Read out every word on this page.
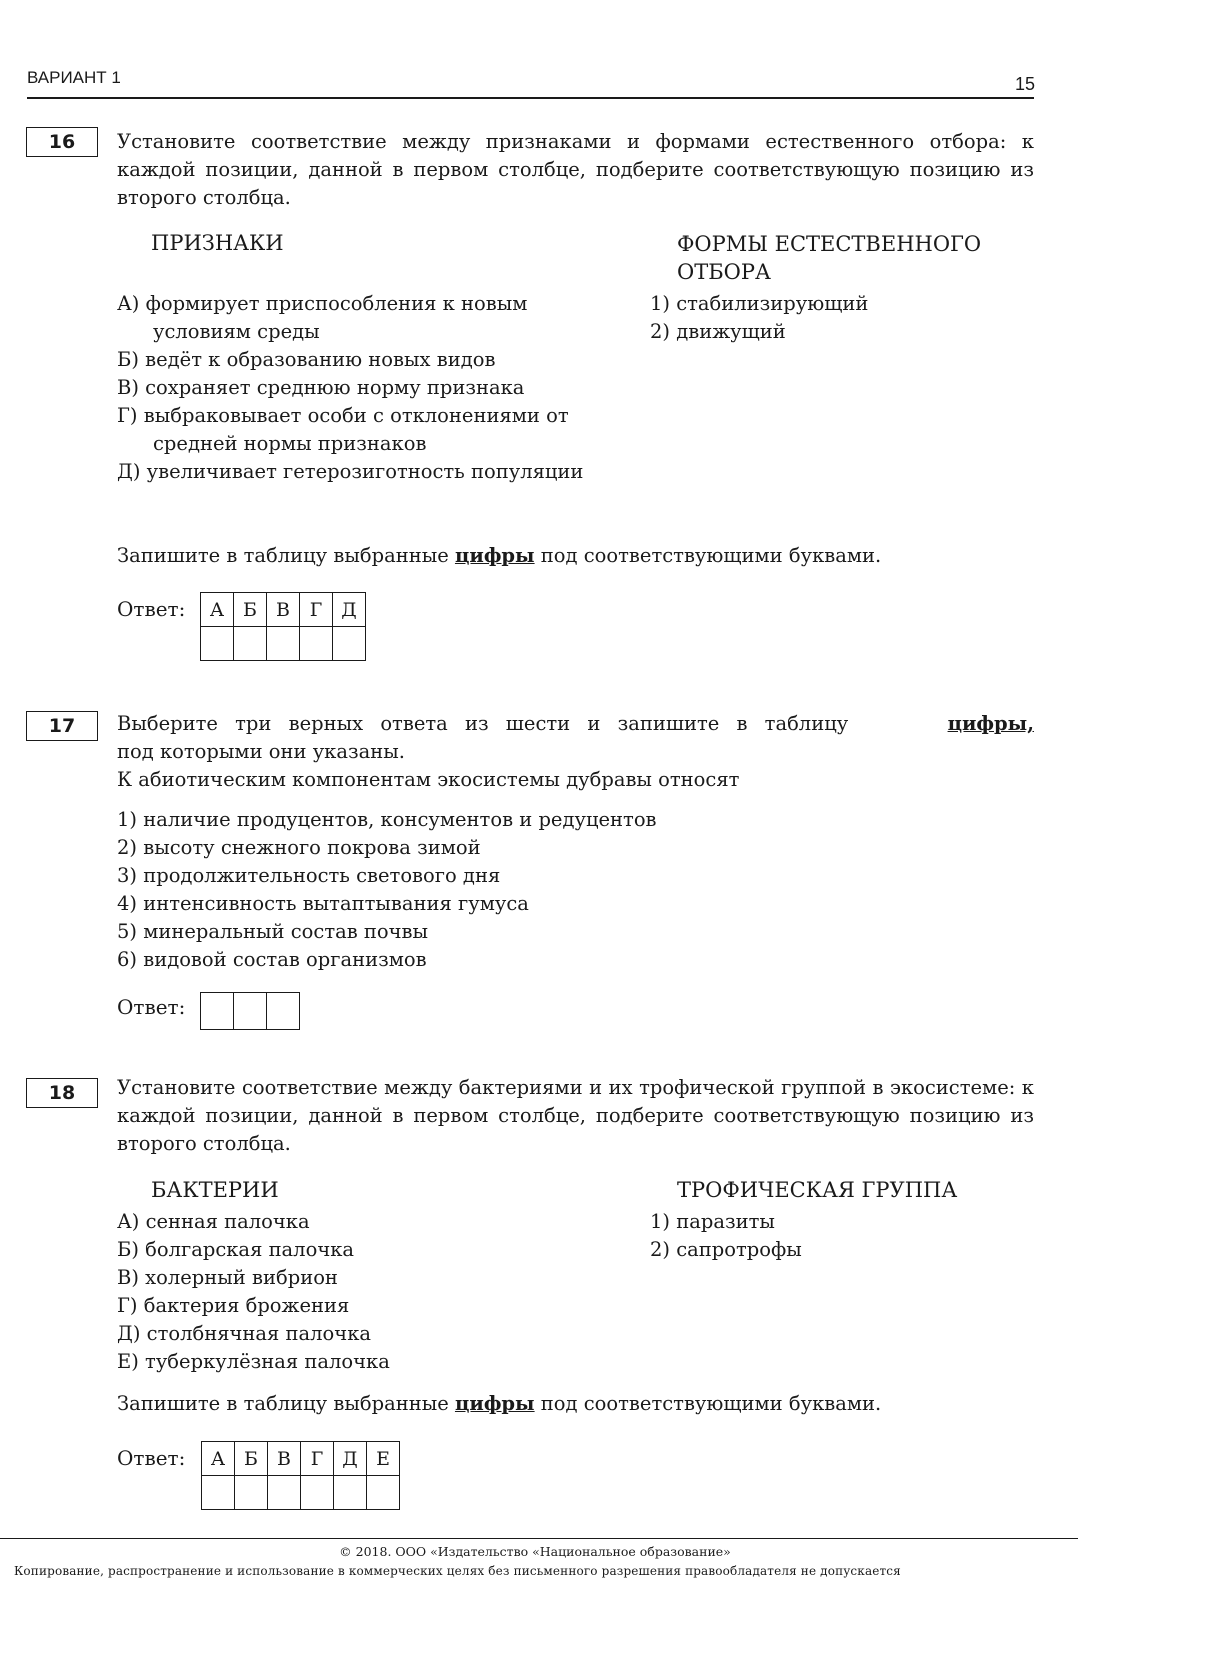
ВАРИАНТ 1	15
16	Установите соответствие между признаками и формами естественного отбора: к каждой позиции, данной в первом столбце, подберите соответствующую позицию из второго столбца.
ПРИЗНАКИ	ФОРМЫ ЕСТЕСТВЕННОГО
ОТБОРА
А) формирует приспособления к новым условиям среды
Б) ведёт к образованию новых видов
В) сохраняет среднюю норму признака
Г) выбраковывает особи с отклонениями от средней нормы признаков
Д) увеличивает гетерозиготность популяции
1) стабилизирующий
2) движущий
Запишите в таблицу выбранные цифры под соответствующими буквами.
Ответ: А	Б	В	Г	Д

17	Выберите три верных ответа из шести и запишите в таблицу	цифры,
под которыми они указаны.
К абиотическим компонентам экосистемы дубравы относят
1) наличие продуцентов, консументов и редуцентов
2) высоту снежного покрова зимой
3) продолжительность светового дня
4) интенсивность вытаптывания гумуса
5) минеральный состав почвы
6) видовой состав организмов
Ответ:

18	Установите соответствие между бактериями и их трофической группой в экосистеме: к каждой позиции, данной в первом столбце, подберите соответствующую позицию из второго столбца.
БАКТЕРИИ	ТРОФИЧЕСКАЯ ГРУППА
А) сенная палочка
Б) болгарская палочка
В) холерный вибрион
Г) бактерия брожения
Д) столбнячная палочка
Е) туберкулёзная палочка
1) паразиты
2) сапротрофы
Запишите в таблицу выбранные цифры под соответствующими буквами.
Ответ: А	Б	В	Г	Д	Е

© 2018. ООО «Издательство «Национальное образование»
Копирование, распространение и использование в коммерческих целях без письменного разрешения правообладателя не допускается
